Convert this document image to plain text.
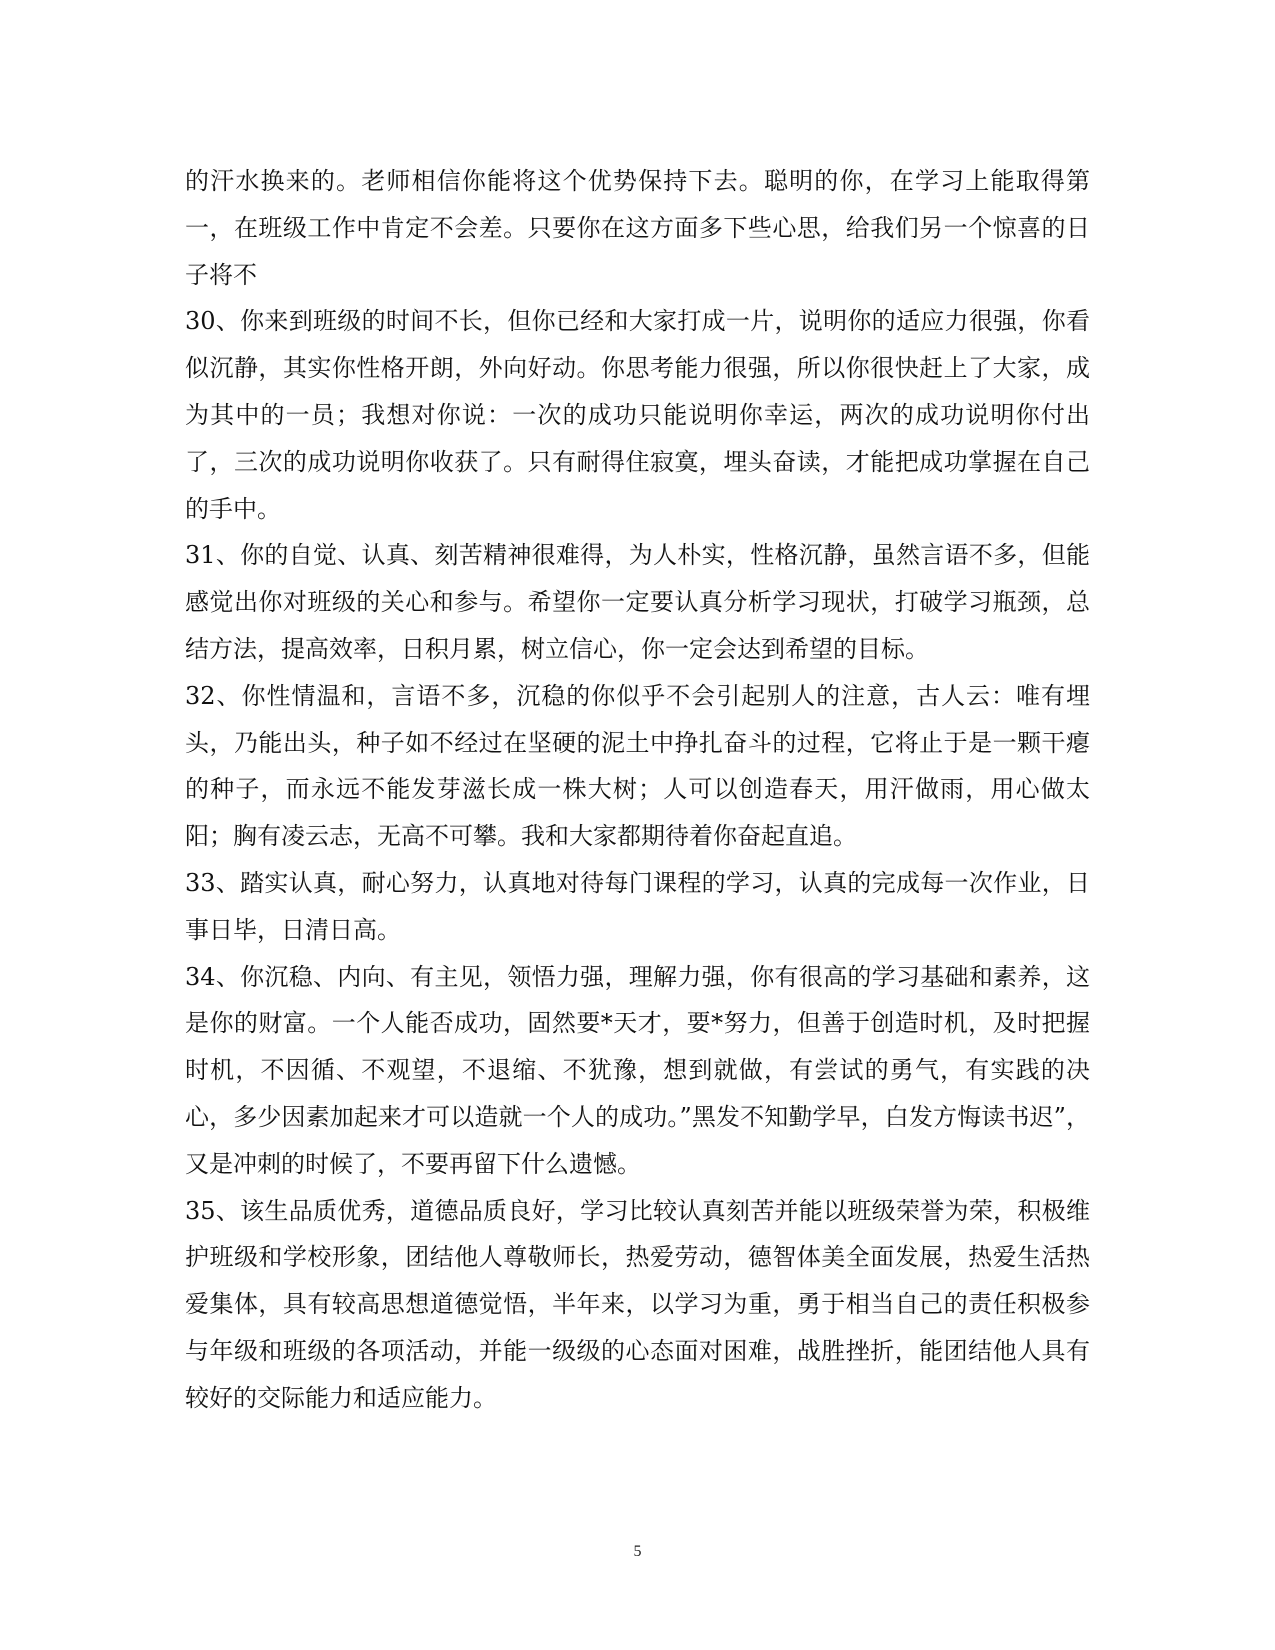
的汗水换来的。老师相信你能将这个优势保持下去。聪明的你，在学习上能取得第一，在班级工作中肯定不会差。只要你在这方面多下些心思，给我们另一个惊喜的日子将不

30、你来到班级的时间不长，但你已经和大家打成一片，说明你的适应力很强，你看似沉静，其实你性格开朗，外向好动。你思考能力很强，所以你很快赶上了大家，成为其中的一员；我想对你说：一次的成功只能说明你幸运，两次的成功说明你付出了，三次的成功说明你收获了。只有耐得住寂寞，埋头奋读，才能把成功掌握在自己的手中。

31、你的自觉、认真、刻苦精神很难得，为人朴实，性格沉静，虽然言语不多，但能感觉出你对班级的关心和参与。希望你一定要认真分析学习现状，打破学习瓶颈，总结方法，提高效率，日积月累，树立信心，你一定会达到希望的目标。

32、你性情温和，言语不多，沉稳的你似乎不会引起别人的注意，古人云：唯有埋头，乃能出头，种子如不经过在坚硬的泥土中挣扎奋斗的过程，它将止于是一颗干瘪的种子，而永远不能发芽滋长成一株大树；人可以创造春天，用汗做雨，用心做太阳；胸有凌云志，无高不可攀。我和大家都期待着你奋起直追。

33、踏实认真，耐心努力，认真地对待每门课程的学习，认真的完成每一次作业，日事日毕，日清日高。

34、你沉稳、内向、有主见，领悟力强，理解力强，你有很高的学习基础和素养，这是你的财富。一个人能否成功，固然要*天才，要*努力，但善于创造时机，及时把握时机，不因循、不观望，不退缩、不犹豫，想到就做，有尝试的勇气，有实践的决心，多少因素加起来才可以造就一个人的成功。”黑发不知勤学早，白发方悔读书迟”，又是冲刺的时候了，不要再留下什么遗憾。

35、该生品质优秀，道德品质良好，学习比较认真刻苦并能以班级荣誉为荣，积极维护班级和学校形象，团结他人尊敬师长，热爱劳动，德智体美全面发展，热爱生活热爱集体，具有较高思想道德觉悟，半年来，以学习为重，勇于相当自己的责任积极参与年级和班级的各项活动，并能一级级的心态面对困难，战胜挫折，能团结他人具有较好的交际能力和适应能力。

5
